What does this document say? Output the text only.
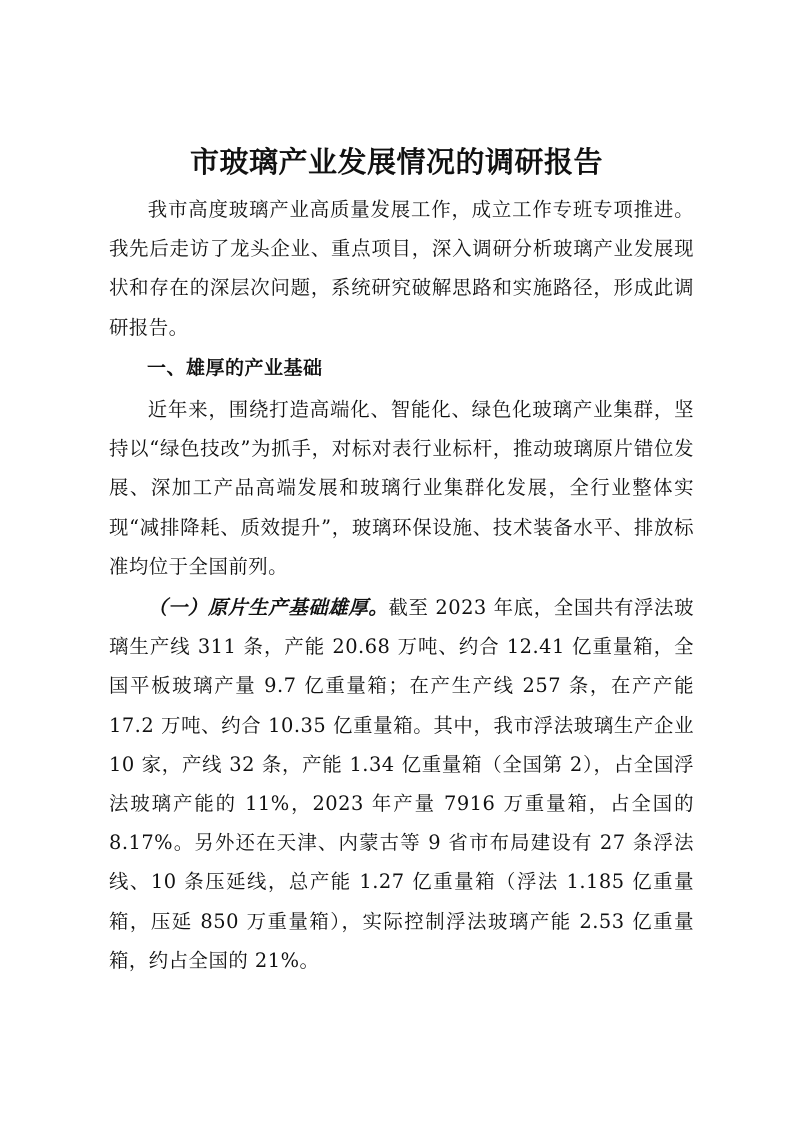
市玻璃产业发展情况的调研报告

我市高度玻璃产业高质量发展工作，成立工作专班专项推进。我先后走访了龙头企业、重点项目，深入调研分析玻璃产业发展现状和存在的深层次问题，系统研究破解思路和实施路径，形成此调研报告。

一、雄厚的产业基础

近年来，围绕打造高端化、智能化、绿色化玻璃产业集群，坚持以“绿色技改”为抓手，对标对表行业标杆，推动玻璃原片错位发展、深加工产品高端发展和玻璃行业集群化发展，全行业整体实现“减排降耗、质效提升”，玻璃环保设施、技术装备水平、排放标准均位于全国前列。

（一）原片生产基础雄厚。截至 2023 年底，全国共有浮法玻璃生产线 311 条，产能 20.68 万吨、约合 12.41 亿重量箱，全国平板玻璃产量 9.7 亿重量箱；在产生产线 257 条，在产产能 17.2 万吨、约合 10.35 亿重量箱。其中，我市浮法玻璃生产企业 10 家，产线 32 条，产能 1.34 亿重量箱（全国第 2），占全国浮法玻璃产能的 11%，2023 年产量 7916 万重量箱，占全国的 8.17%。另外还在天津、内蒙古等 9 省市布局建设有 27 条浮法线、10 条压延线，总产能 1.27 亿重量箱（浮法 1.185 亿重量箱，压延 850 万重量箱），实际控制浮法玻璃产能 2.53 亿重量箱，约占全国的 21%。
